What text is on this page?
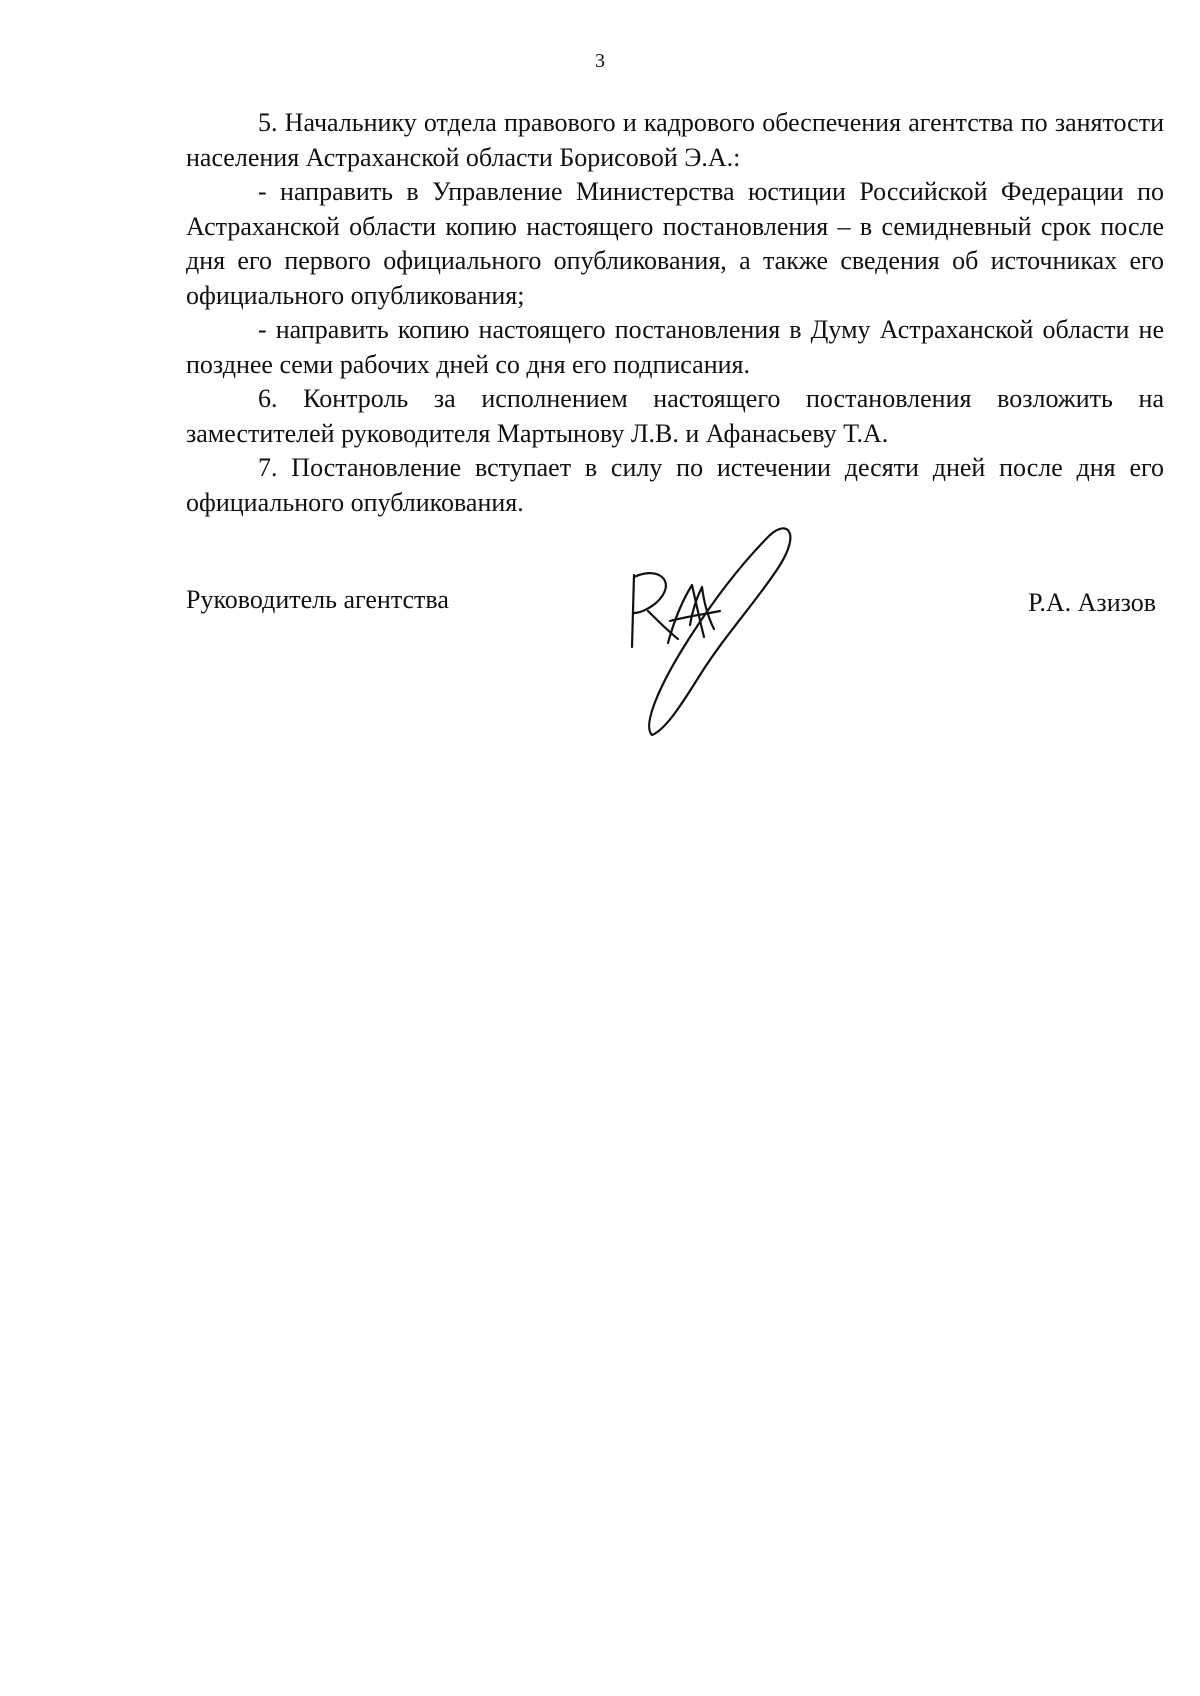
3

5. Начальнику отдела правового и кадрового обеспечения агентства по занятости населения Астраханской области Борисовой Э.А.:

- направить в Управление Министерства юстиции Российской Федерации по Астраханской области копию настоящего постановления – в семидневный срок после дня его первого официального опубликования, а также сведения об источниках его официального опубликования;

- направить копию настоящего постановления в Думу Астраханской области не позднее семи рабочих дней со дня его подписания.

6. Контроль за исполнением настоящего постановления возложить на заместителей руководителя Мартынову Л.В. и Афанасьеву Т.А.

7. Постановление вступает в силу по истечении десяти дней после дня его официального опубликования.

Руководитель агентства	Р.А. Азизов
